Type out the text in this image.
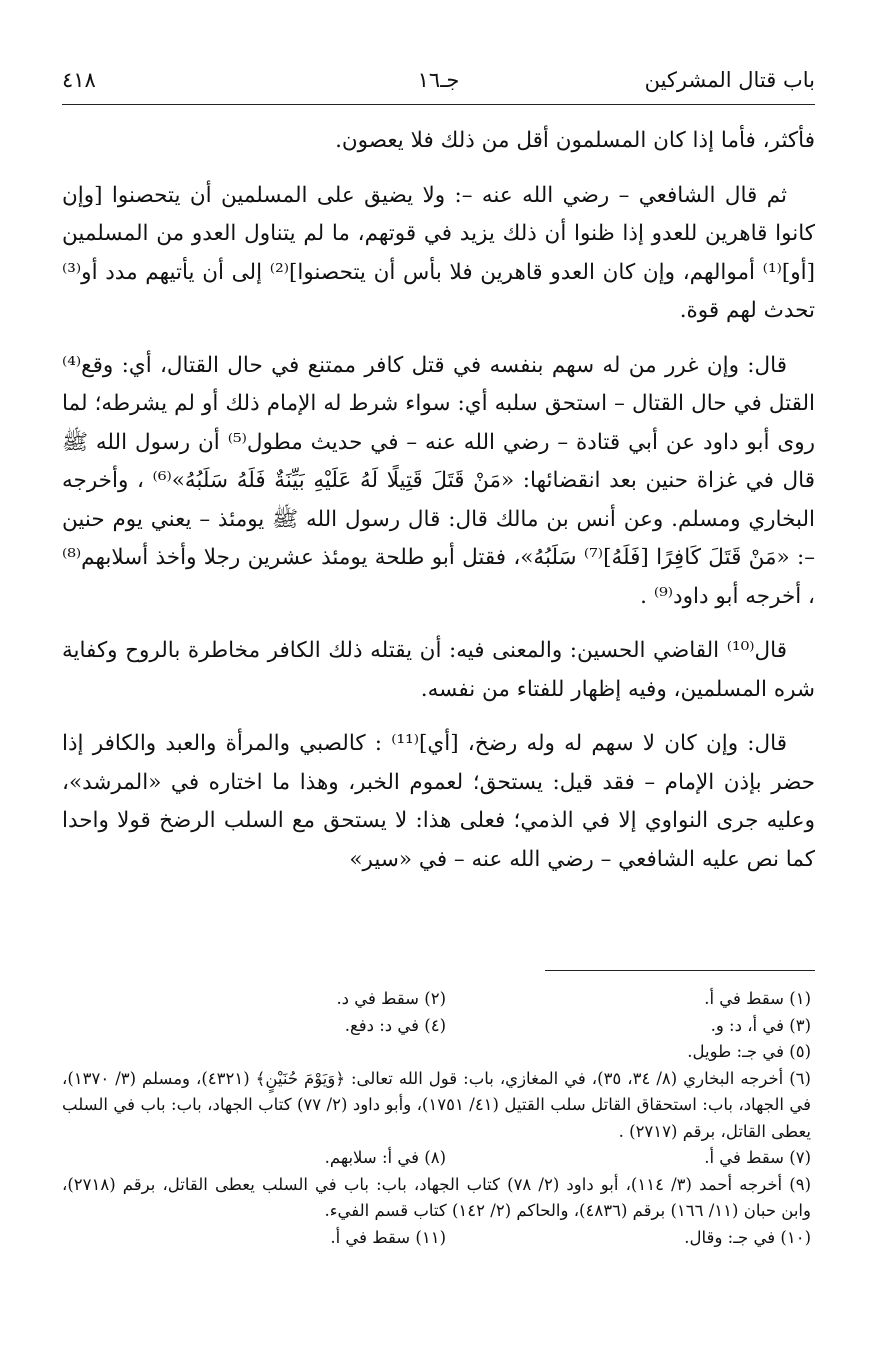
باب قتال المشركين
جـ١٦
٤١٨

فأكثر، فأما إذا كان المسلمون أقل من ذلك فلا يعصون.

ثم قال الشافعي – رضي الله عنه –: ولا يضيق على المسلمين أن يتحصنوا [وإن كانوا قاهرين للعدو إذا ظنوا أن ذلك يزيد في قوتهم، ما لم يتناول العدو من المسلمين [أو]⁽¹⁾ أموالهم، وإن كان العدو قاهرين فلا بأس أن يتحصنوا]⁽²⁾ إلى أن يأتيهم مدد أو⁽³⁾ تحدث لهم قوة.

قال: وإن غرر من له سهم بنفسه في قتل كافر ممتنع في حال القتال، أي: وقع⁽⁴⁾ القتل في حال القتال – استحق سلبه أي: سواء شرط له الإمام ذلك أو لم يشرطه؛ لما روى أبو داود عن أبي قتادة – رضي الله عنه – في حديث مطول⁽⁵⁾ أن رسول الله ﷺ قال في غزاة حنين بعد انقضائها: «مَنْ قَتَلَ قَتِيلًا لَهُ عَلَيْهِ بَيِّنَةٌ فَلَهُ سَلَبُهُ»⁽⁶⁾ ، وأخرجه البخاري ومسلم. وعن أنس بن مالك قال: قال رسول الله ﷺ يومئذ – يعني يوم حنين –: «مَنْ قَتَلَ كَافِرًا [فَلَهُ]⁽⁷⁾ سَلَبُهُ»، فقتل أبو طلحة يومئذ عشرين رجلا وأخذ أسلابهم⁽⁸⁾ ، أخرجه أبو داود⁽⁹⁾ .

قال⁽¹⁰⁾ القاضي الحسين: والمعنى فيه: أن يقتله ذلك الكافر مخاطرة بالروح وكفاية شره المسلمين، وفيه إظهار للفتاء من نفسه.

قال: وإن كان لا سهم له وله رضخ، [أي]⁽¹¹⁾ : كالصبي والمرأة والعبد والكافر إذا حضر بإذن الإمام – فقد قيل: يستحق؛ لعموم الخبر، وهذا ما اختاره في «المرشد»، وعليه جرى النواوي إلا في الذمي؛ فعلى هذا: لا يستحق مع السلب الرضخ قولا واحدا كما نص عليه الشافعي – رضي الله عنه – في «سير»

(١) سقط في أ.
(٢) سقط في د.
(٣) في أ، د: و.
(٤) في د: دفع.
(٥) في جـ: طويل.
(٦) أخرجه البخاري (٨/ ٣٤، ٣٥)، في المغازي، باب: قول الله تعالى: ﴿وَيَوْمَ حُنَيْنٍ﴾ (٤٣٢١)، ومسلم (٣/ ١٣٧٠)، في الجهاد، باب: استحقاق القاتل سلب القتيل (٤١/ ١٧٥١)، وأبو داود (٢/ ٧٧) كتاب الجهاد، باب: باب في السلب يعطى القاتل، برقم (٢٧١٧) .
(٧) سقط في أ.
(٨) في أ: سلابهم.
(٩) أخرجه أحمد (٣/ ١١٤)، أبو داود (٢/ ٧٨) كتاب الجهاد، باب: باب في السلب يعطى القاتل، برقم (٢٧١٨)، وابن حبان (١١/ ١٦٦) برقم (٤٨٣٦)، والحاكم (٢/ ١٤٢) كتاب قسم الفيء.
(١٠) في جـ: وقال.
(١١) سقط في أ.
